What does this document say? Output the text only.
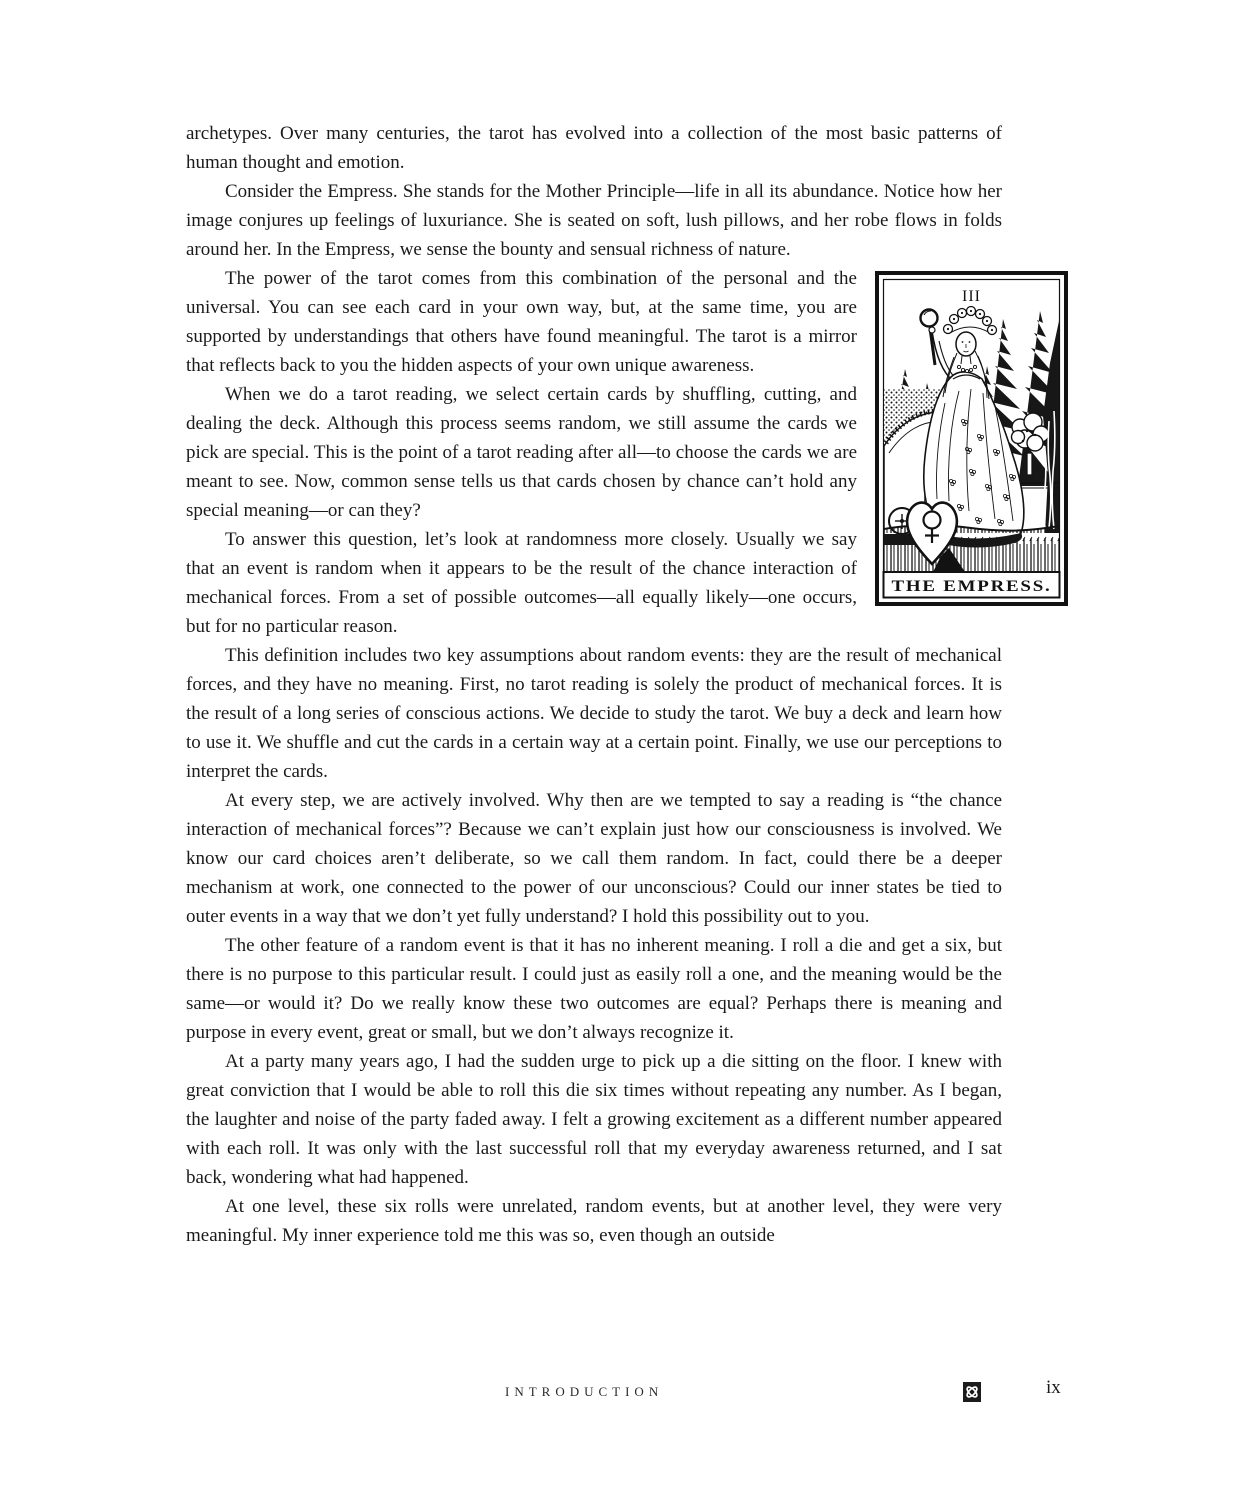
archetypes. Over many centuries, the tarot has evolved into a collection of the most basic patterns of human thought and emotion.

Consider the Empress. She stands for the Mother Principle—life in all its abundance. Notice how her image conjures up feelings of luxuriance. She is seated on soft, lush pillows, and her robe flows in folds around her. In the Empress, we sense the bounty and sensual richness of nature.

III
THE EMPRESS.

The power of the tarot comes from this combination of the personal and the universal. You can see each card in your own way, but, at the same time, you are supported by understandings that others have found meaningful. The tarot is a mirror that reflects back to you the hidden aspects of your own unique awareness.

When we do a tarot reading, we select certain cards by shuffling, cutting, and dealing the deck. Although this process seems random, we still assume the cards we pick are special. This is the point of a tarot reading after all—to choose the cards we are meant to see. Now, common sense tells us that cards chosen by chance can’t hold any special meaning—or can they?

To answer this question, let’s look at randomness more closely. Usually we say that an event is random when it appears to be the result of the chance interaction of mechanical forces. From a set of possible outcomes—all equally likely—one occurs, but for no particular reason.

This definition includes two key assumptions about random events: they are the result of mechanical forces, and they have no meaning. First, no tarot reading is solely the product of mechanical forces. It is the result of a long series of conscious actions. We decide to study the tarot. We buy a deck and learn how to use it. We shuffle and cut the cards in a certain way at a certain point. Finally, we use our perceptions to interpret the cards.

At every step, we are actively involved. Why then are we tempted to say a reading is “the chance interaction of mechanical forces”? Because we can’t explain just how our consciousness is involved. We know our card choices aren’t deliberate, so we call them random. In fact, could there be a deeper mechanism at work, one connected to the power of our unconscious? Could our inner states be tied to outer events in a way that we don’t yet fully understand? I hold this possibility out to you.

The other feature of a random event is that it has no inherent meaning. I roll a die and get a six, but there is no purpose to this particular result. I could just as easily roll a one, and the meaning would be the same—or would it? Do we really know these two outcomes are equal? Perhaps there is meaning and purpose in every event, great or small, but we don’t always recognize it.

At a party many years ago, I had the sudden urge to pick up a die sitting on the floor. I knew with great conviction that I would be able to roll this die six times without repeating any number. As I began, the laughter and noise of the party faded away. I felt a growing excitement as a different number appeared with each roll. It was only with the last successful roll that my everyday awareness returned, and I sat back, wondering what had happened.

At one level, these six rolls were unrelated, random events, but at another level, they were very meaningful. My inner experience told me this was so, even though an outside

INTRODUCTION	ix
